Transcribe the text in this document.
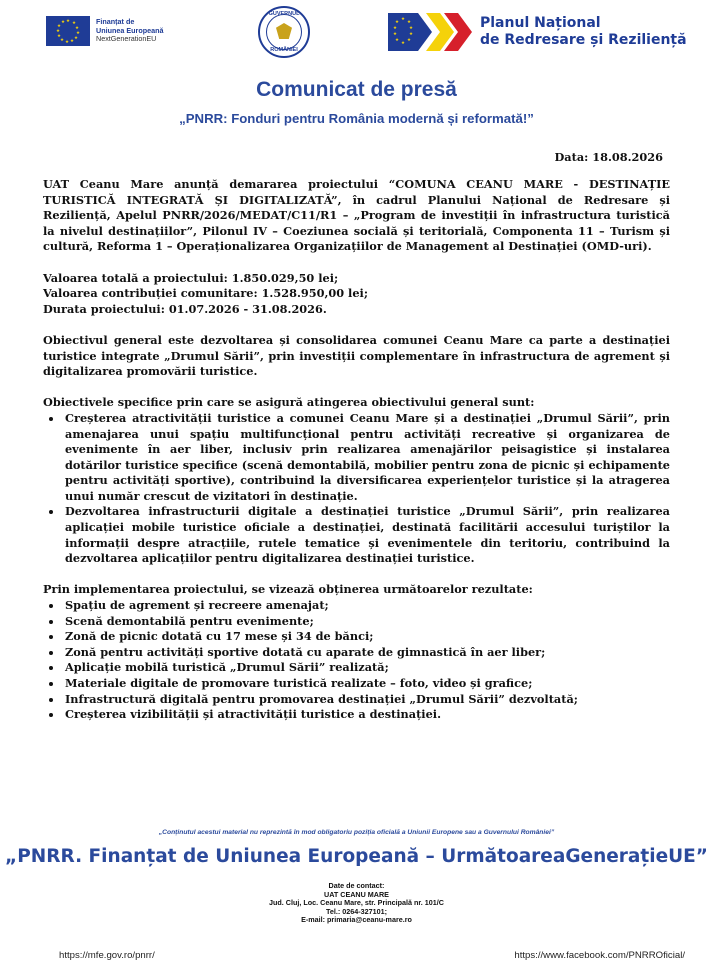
★ ★
★
★
★
★
★
★
★
★
★
★	Finanțat de
Uniunea Europeană
NextGenerationEU
GUVERNUL
ROMÂNIEI
★
★
★
★
★
★
★
★
★
★	Planul Național
de Redresare și Reziliență
Comunicat de presă
„PNRR: Fonduri pentru România modernă și reformată!”
Data: 18.08.2026

UAT Ceanu Mare anunță demararea proiectului “COMUNA CEANU MARE - DESTINAȚIE TURISTICĂ INTEGRATĂ ȘI DIGITALIZATĂ”, în cadrul Planului Național de Redresare și Reziliență, Apelul PNRR/2026/MEDAT/C11/R1 – „Program de investiții în infrastructura turistică la nivelul destinațiilor”, Pilonul IV – Coeziunea socială și teritorială, Componenta 11 – Turism și cultură, Reforma 1 – Operaționalizarea Organizațiilor de Management al Destinației (OMD-uri).

Valoarea totală a proiectului: 1.850.029,50 lei;
Valoarea contribuției comunitare: 1.528.950,00 lei;
Durata proiectului: 01.07.2026 - 31.08.2026.

Obiectivul general este dezvoltarea și consolidarea comunei Ceanu Mare ca parte a destinației turistice integrate „Drumul Sării”, prin investiții complementare în infrastructura de agrement și digitalizarea promovării turistice.

Obiectivele specifice prin care se asigură atingerea obiectivului general sunt:

• Creșterea atractivității turistice a comunei Ceanu Mare și a destinației „Drumul Sării”, prin amenajarea unui spațiu multifuncțional pentru activități recreative și organizarea de evenimente în aer liber, inclusiv prin realizarea amenajărilor peisagistice și instalarea dotărilor turistice specifice (scenă demontabilă, mobilier pentru zona de picnic și echipamente pentru activități sportive), contribuind la diversificarea experiențelor turistice și la atragerea unui număr crescut de vizitatori în destinație.
• Dezvoltarea infrastructurii digitale a destinației turistice „Drumul Sării”, prin realizarea aplicației mobile turistice oficiale a destinației, destinată facilitării accesului turiștilor la informații despre atracțiile, rutele tematice și evenimentele din teritoriu, contribuind la dezvoltarea aplicațiilor pentru digitalizarea destinației turistice.

Prin implementarea proiectului, se vizează obținerea următoarelor rezultate:

• Spațiu de agrement și recreere amenajat;
• Scenă demontabilă pentru evenimente;
• Zonă de picnic dotată cu 17 mese și 34 de bănci;
• Zonă pentru activități sportive dotată cu aparate de gimnastică în aer liber;
• Aplicație mobilă turistică „Drumul Sării” realizată;
• Materiale digitale de promovare turistică realizate – foto, video și grafice;
• Infrastructură digitală pentru promovarea destinației „Drumul Sării” dezvoltată;
• Creșterea vizibilității și atractivității turistice a destinației.
„Conținutul acestui material nu reprezintă în mod obligatoriu poziția oficială a Uniunii Europene sau a Guvernului României”
„PNRR. Finanțat de Uniunea Europeană – UrmătoareaGenerațieUE”
Date de contact:
UAT CEANU MARE
Jud. Cluj, Loc. Ceanu Mare, str. Principală nr. 101/C
Tel.: 0264-327101;
E-mail: primaria@ceanu-mare.ro
https://mfe.gov.ro/pnrr/	https://www.facebook.com/PNRROficial/
